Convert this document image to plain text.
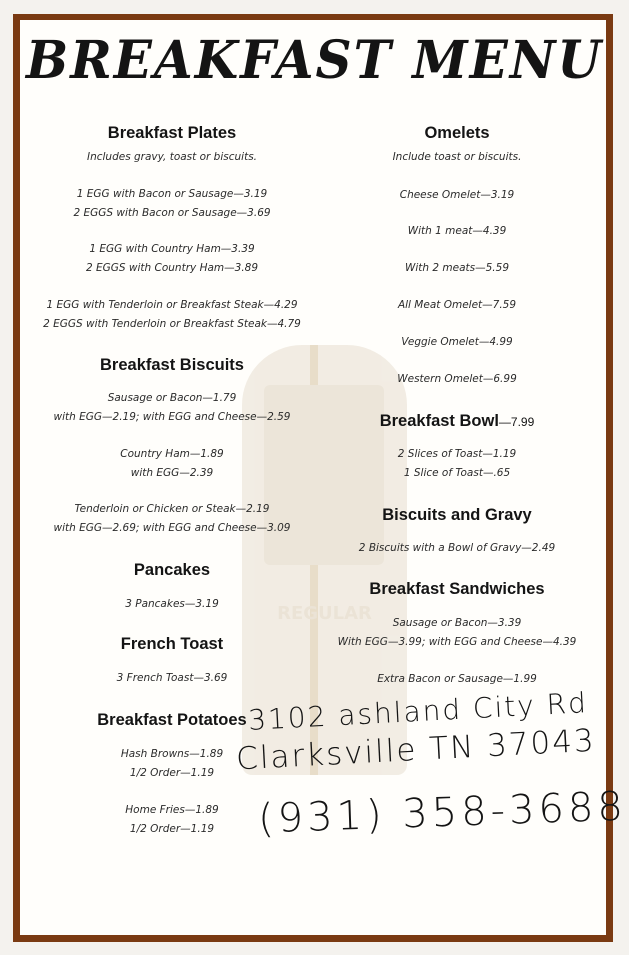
REGULAR
BREAKFAST MENU
Breakfast Plates
Includes gravy, toast or biscuits.
1 EGG with Bacon or Sausage—3.19
2 EGGS with Bacon or Sausage—3.69
1 EGG with Country Ham—3.39
2 EGGS with Country Ham—3.89
1 EGG with Tenderloin or Breakfast Steak—4.29
2 EGGS with Tenderloin or Breakfast Steak—4.79
Breakfast Biscuits
Sausage or Bacon—1.79
with EGG—2.19; with EGG and Cheese—2.59
Country Ham—1.89
with EGG—2.39
Tenderloin or Chicken or Steak—2.19
with EGG—2.69; with EGG and Cheese—3.09
Pancakes
3 Pancakes—3.19
French Toast
3 French Toast—3.69
Breakfast Potatoes
Hash Browns—1.89
1/2 Order—1.19
Home Fries—1.89
1/2 Order—1.19
Omelets
Include toast or biscuits.
Cheese Omelet—3.19
With 1 meat—4.39
With 2 meats—5.59
All Meat Omelet—7.59
Veggie Omelet—4.99
Western Omelet—6.99
Breakfast Bowl—7.99
2 Slices of Toast—1.19
1 Slice of Toast—.65
Biscuits and Gravy
2 Biscuits with a Bowl of Gravy—2.49
Breakfast Sandwiches
Sausage or Bacon—3.39
With EGG—3.99; with EGG and Cheese—4.39
Extra Bacon or Sausage—1.99
3102 ashland City Rd
Clarksville TN 37043
(931) 358-3688
